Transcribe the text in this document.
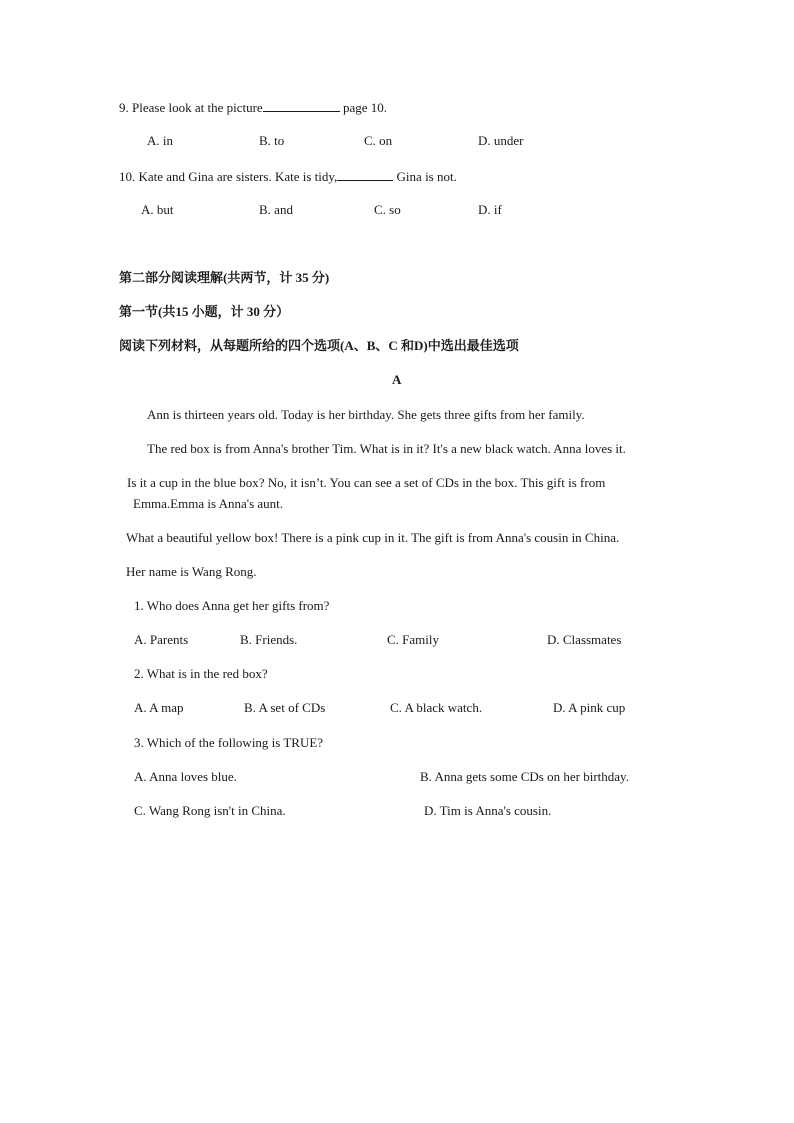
9. Please look at the picture	page 10.
A. in	B. to	C. on	D. under
10. Kate and Gina are sisters. Kate is tidy,	Gina is not.
A. but	B. and	C. so	D. if
第二部分阅读理解(共两节，计 35 分)
第一节(共15 小题，计 30 分）
阅读下列材料，从每题所给的四个选项(A、B、C 和D)中选出最佳选项
A
Ann is thirteen years old. Today is her birthday. She gets three gifts from her family.
The red box is from Anna's brother Tim. What is in it? It's a new black watch. Anna loves it.
Is it a cup in the blue box? No, it isn’t. You can see a set of CDs in the box. This gift is from
Emma.Emma is Anna's aunt.
What a beautiful yellow box! There is a pink cup in it. The gift is from Anna's cousin in China.
Her name is Wang Rong.
1. Who does Anna get her gifts from?
A. Parents	B. Friends.	C. Family	D. Classmates
2. What is in the red box?
A. A map	B. A set of CDs	C. A black watch.	D. A pink cup
3. Which of the following is TRUE?
A. Anna loves blue.	B. Anna gets some CDs on her birthday.
C. Wang Rong isn't in China.	D. Tim is Anna's cousin.
